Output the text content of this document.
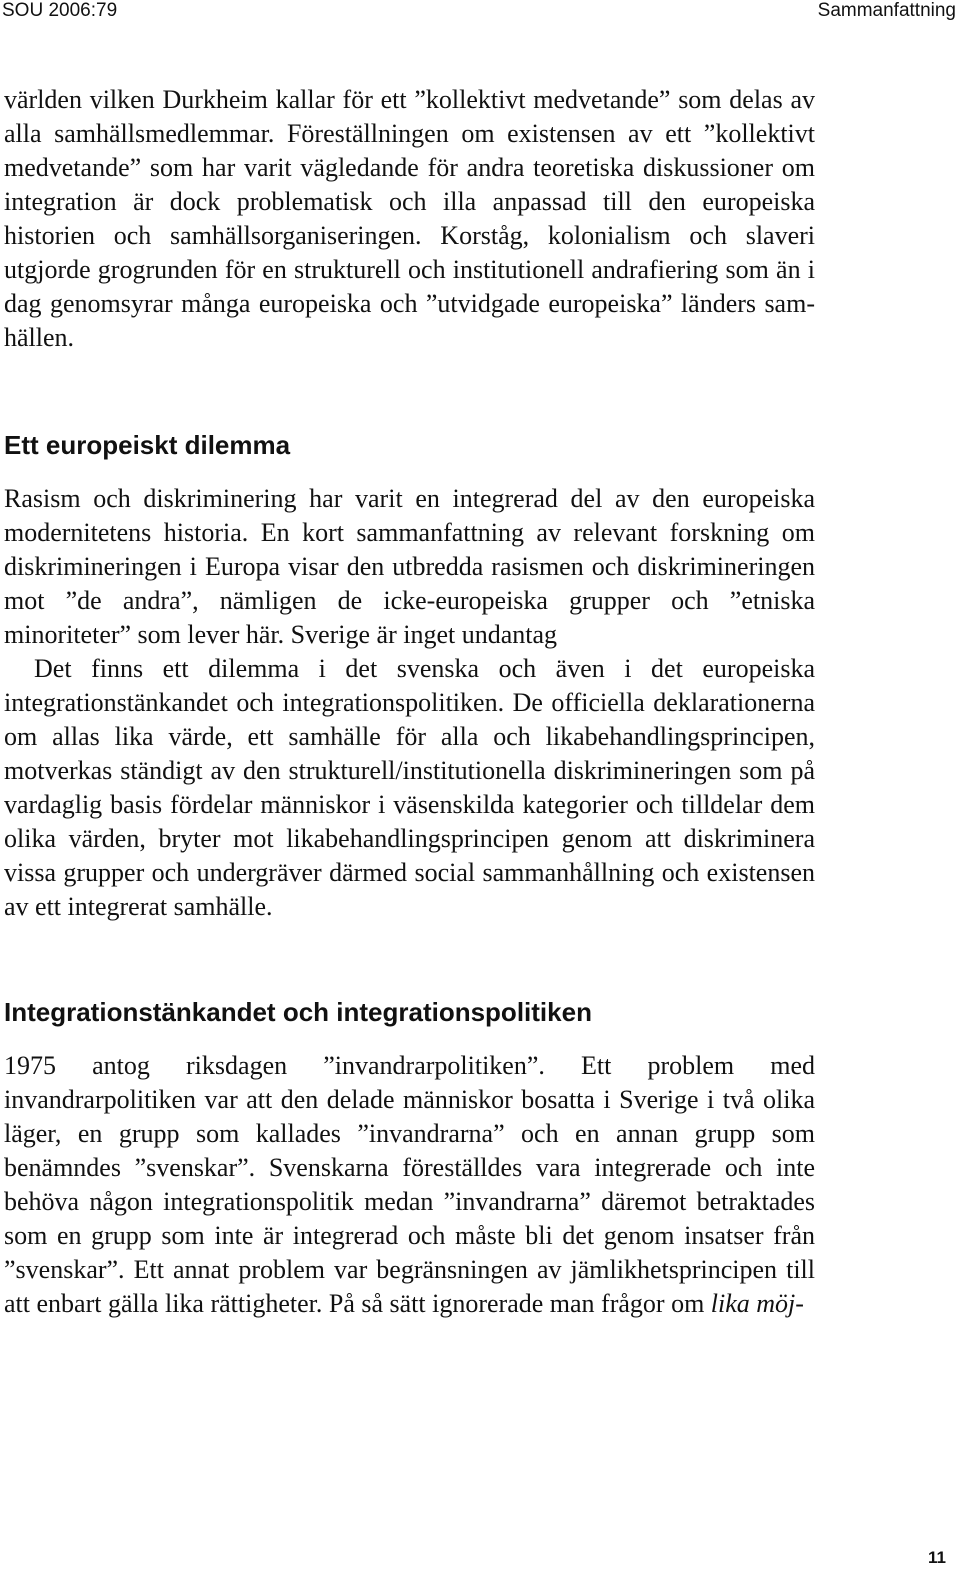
SOU 2006:79	Sammanfattning

världen vilken Durkheim kallar för ett ”kollektivt medvetande” som delas av alla samhällsmedlemmar. Föreställningen om existensen av ett ”kollektivt medvetande” som har varit vägledande för andra teoretiska diskussioner om integration är dock problematisk och illa anpassad till den europeiska historien och samhällsorganiseringen. Korståg, kolonialism och slaveri utgjorde grogrunden för en strukturell och institutionell andrafiering som än i dag genomsyrar många europeiska och ”utvidgade europeiska” länders samhällen.

Ett europeiskt dilemma

Rasism och diskriminering har varit en integrerad del av den europeiska modernitetens historia. En kort sammanfattning av relevant forskning om diskrimineringen i Europa visar den utbredda rasismen och diskrimineringen mot ”de andra”, nämligen de icke-europeiska grupper och ”etniska minoriteter” som lever här. Sverige är inget undantag

Det finns ett dilemma i det svenska och även i det europeiska integrationstänkandet och integrationspolitiken. De officiella deklarationerna om allas lika värde, ett samhälle för alla och likabehandlingsprincipen, motverkas ständigt av den strukturell/institutionella diskrimineringen som på vardaglig basis fördelar människor i väsenskilda kategorier och tilldelar dem olika värden, bryter mot likabehandlingsprincipen genom att diskriminera vissa grupper och undergräver därmed social sammanhållning och existensen av ett integrerat samhälle.

Integrationstänkandet och integrationspolitiken

1975 antog riksdagen ”invandrarpolitiken”. Ett problem med invandrarpolitiken var att den delade människor bosatta i Sverige i två olika läger, en grupp som kallades ”invandrarna” och en annan grupp som benämndes ”svenskar”. Svenskarna föreställdes vara integrerade och inte behöva någon integrationspolitik medan ”invandrarna” däremot betraktades som en grupp som inte är integrerad och måste bli det genom insatser från ”svenskar”. Ett annat problem var begränsningen av jämlikhetsprincipen till att enbart gälla lika rättigheter. På så sätt ignorerade man frågor om lika möj-

11
